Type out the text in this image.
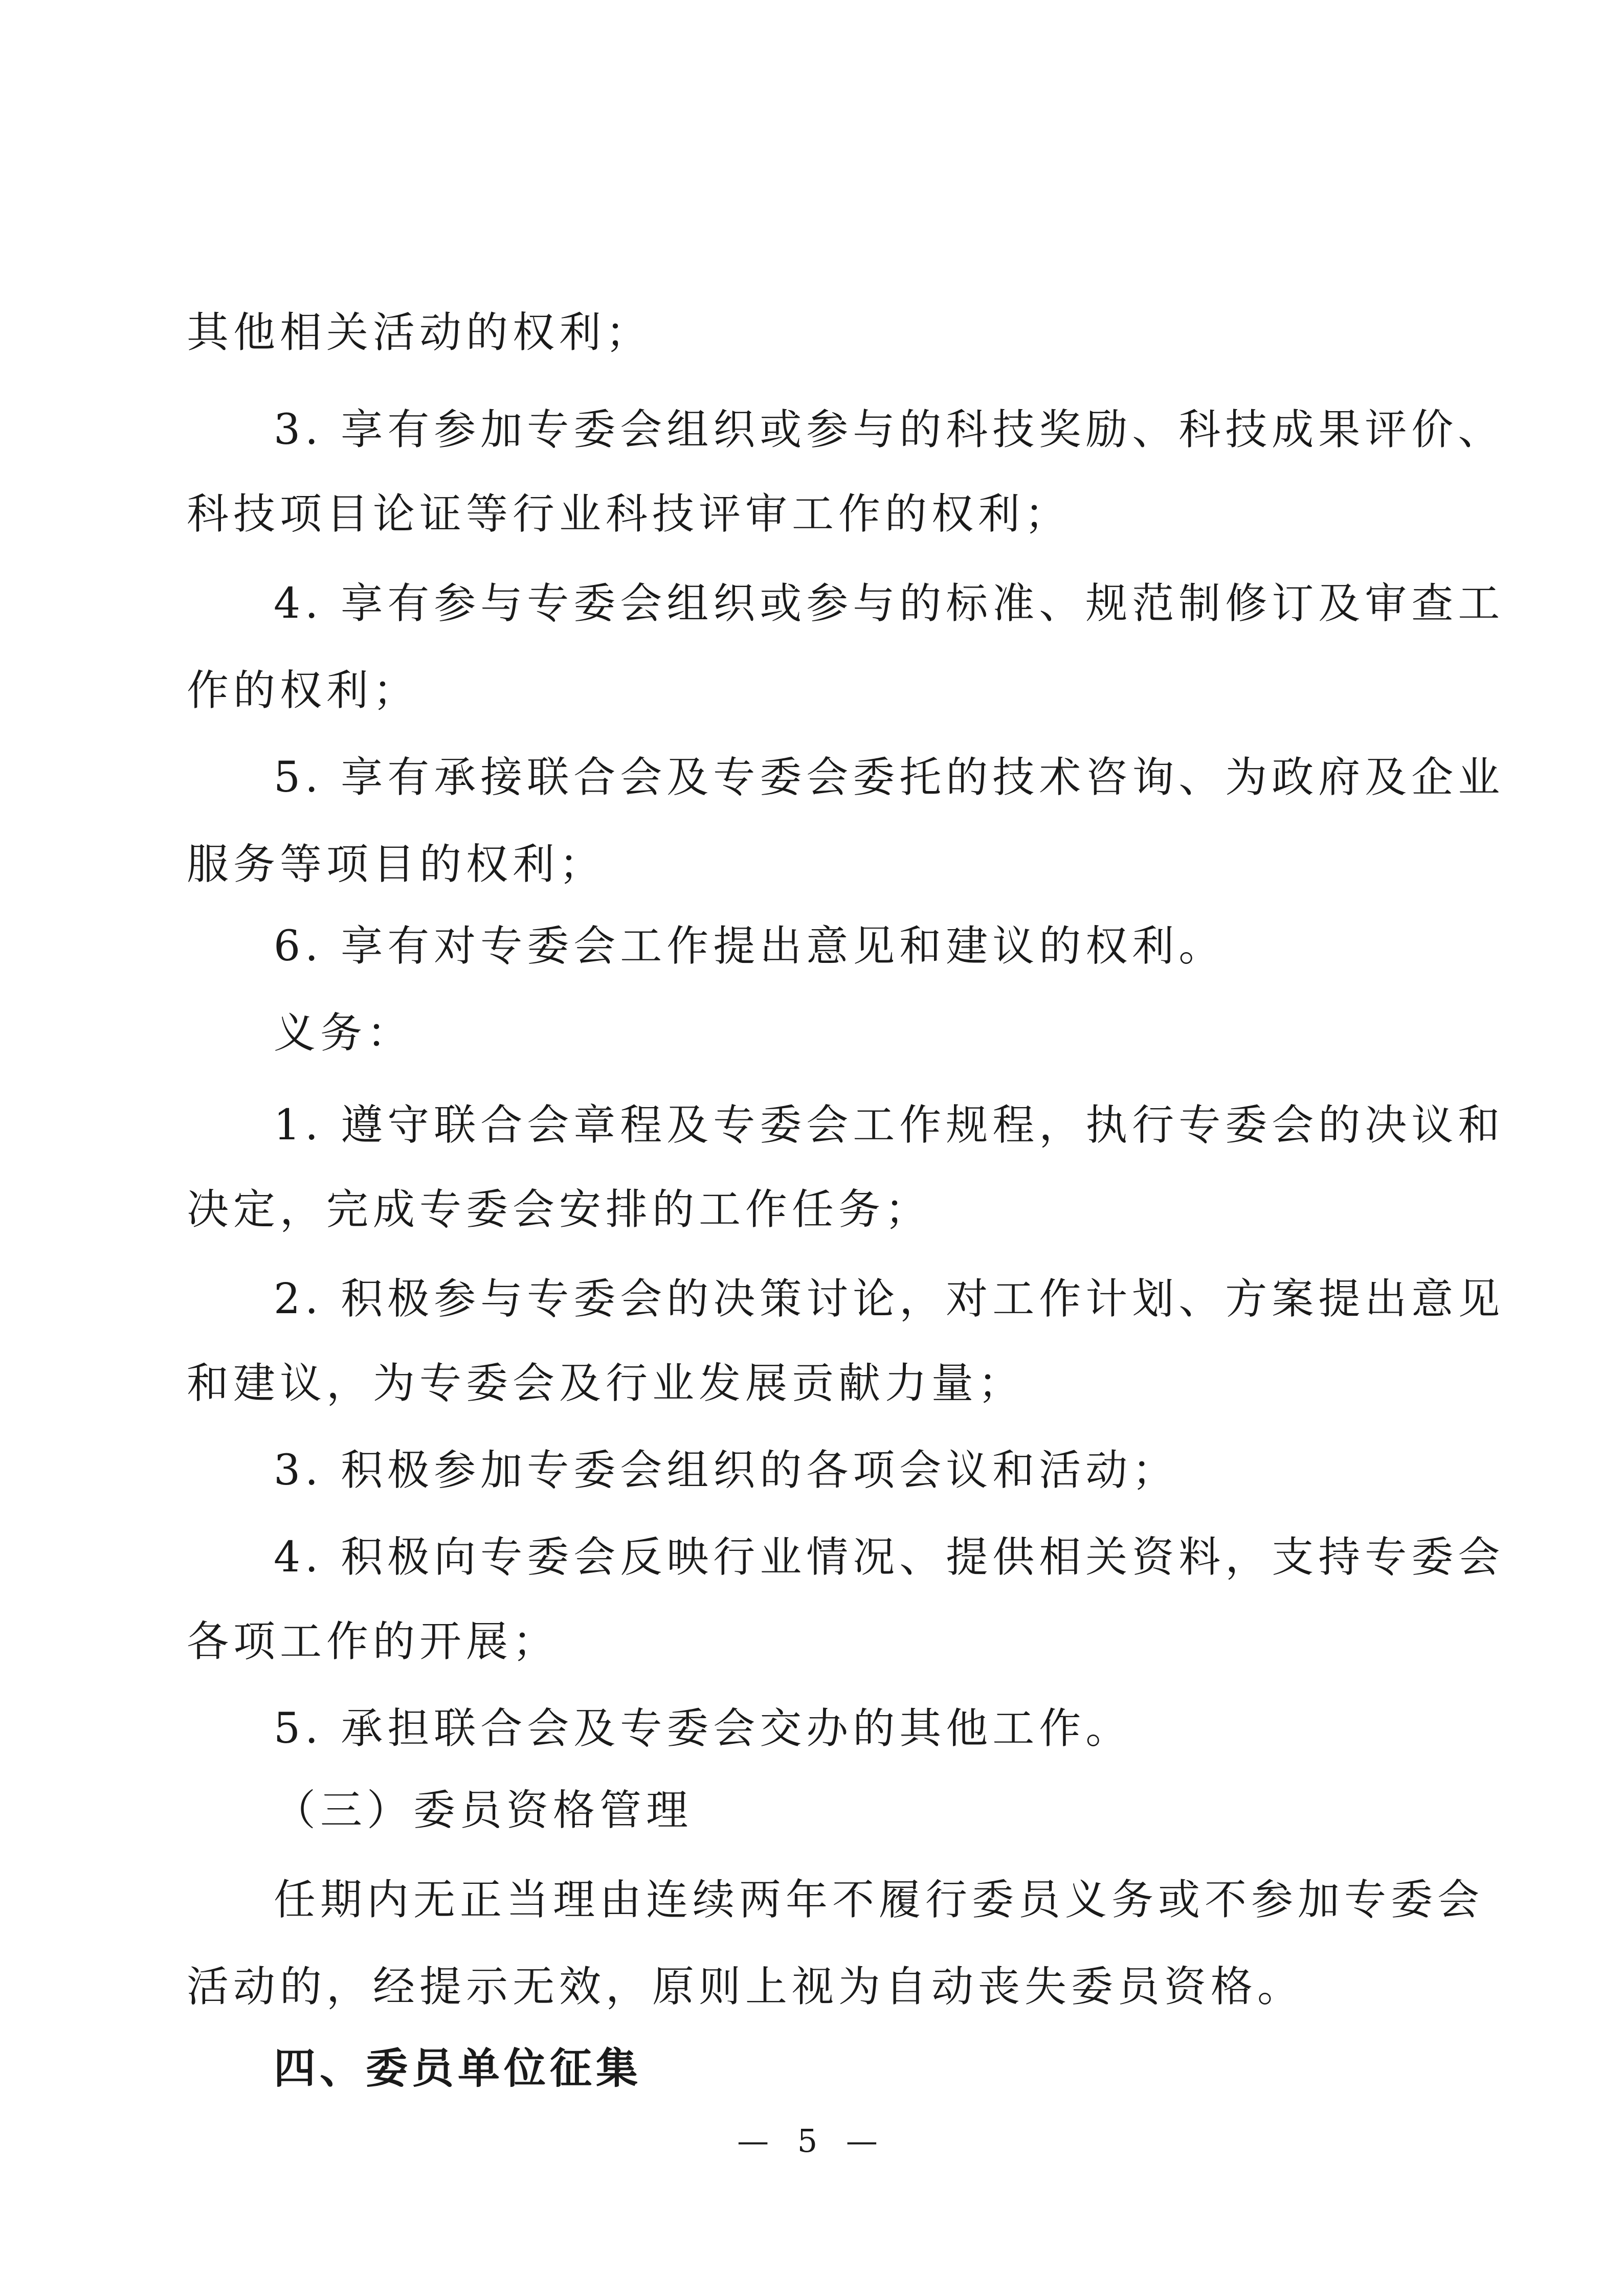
其他相关活动的权利；
3. 享有参加专委会组织或参与的科技奖励、科技成果评价、
科技项目论证等行业科技评审工作的权利；
4. 享有参与专委会组织或参与的标准、规范制修订及审查工
作的权利；
5. 享有承接联合会及专委会委托的技术咨询、为政府及企业
服务等项目的权利；
6. 享有对专委会工作提出意见和建议的权利。
义务：
1. 遵守联合会章程及专委会工作规程，执行专委会的决议和
决定，完成专委会安排的工作任务；
2. 积极参与专委会的决策讨论，对工作计划、方案提出意见
和建议，为专委会及行业发展贡献力量；
3. 积极参加专委会组织的各项会议和活动；
4. 积极向专委会反映行业情况、提供相关资料，支持专委会
各项工作的开展；
5. 承担联合会及专委会交办的其他工作。
（三）委员资格管理
任期内无正当理由连续两年不履行委员义务或不参加专委会
活动的，经提示无效，原则上视为自动丧失委员资格。
四、委员单位征集
— 5 —
